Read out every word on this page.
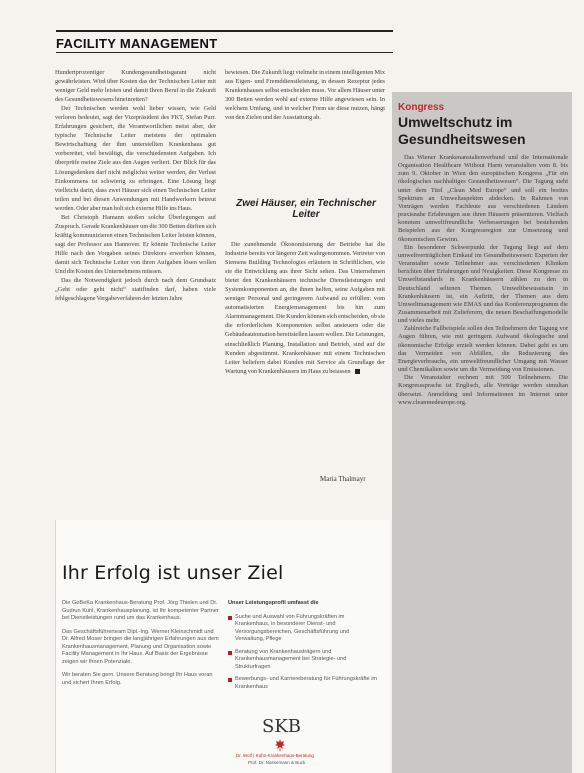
FACILITY MANAGEMENT

Hundertprozentiger Kundengesundheitsgarant nicht gewährleisten. Wird über Kosten das der Technischen Leiter mit weniger Geld mehr leisten und damit Ihren Beruf in die Zukunft des Gesundheitswesens hineinretten?

Der Technischen werden wohl lieber wissen, wie Geld verloren bedeutet, sagt der Vizepräsident des FKT, Stefan Purr. Erfahrungen gesichert, die Verantwortlichen meist aber, der typische Technische Leiter meistens der optimalen Bewirtschaftung der ihm unterstellten Krankenhaus gut vorbereitet, viel bewältigt, die verschiedensten Aufgaben. Ich überprüfe meine Ziele aus den Augen verliert. Der Blick für das Lösungsdenken darf nicht möglichst weiter werden, der Verlust Einkommens ist schwierig zu erbringen. Eine Lösung liegt vielleicht darin, dass zwei Häuser sich einen Technischen Leiter teilen und bei diesen Anwendungen mit Handwerkern betreut werden. Oder aber man holt sich externe Hilfe ins Haus.

Bei Christoph Hamann stoßen solche Überlegungen auf Zuspruch. Gerade Krankenhäuser um die 300 Betten dürften sich kräftig kommunizieren einen Technischen Leiter leisten können, sagt der Professor aus Hannover. Er könnte Technische Leiter Hilfe nach den Vorgaben seines Direktors erwerben können, damit sich Technische Leiter von ihren Aufgaben lösen wollen Und die Kosten des Unternehmens müssen.

Das die Notwendigkeit jedoch durch nach dem Grundsatz „Geht oder geht nicht“ stattfinden darf, haben viele fehlgeschlagene Vergabeverfahren der letzten Jahre

bewiesen. Die Zukunft liegt vielmehr in einem intelligenten Mix aus Eigen- und Fremddienstleistung, in dessen Rezeptur jedes Krankenhauses selbst entscheiden muss. Vor allem Häuser unter 300 Betten werden wohl auf externe Hilfe angewiesen sein. In welchem Umfang, und in welcher Form sie diese nutzen, hängt von den Zielen und der Ausstattung ab.

Zwei Häuser, ein Technischer Leiter

Die zunehmende Ökonomisierung der Betriebe hat die Industrie bereits vor längerer Zeit wahrgenommen. Vertreter von Siemens Building Technologies erläutern in Schriftlichen, wie sie die Entwicklung aus ihrer Sicht sehen. Das Unternehmen bietet den Krankenhäusern technische Dienstleistungen und Systemkomponenten an, die ihnen helfen, seine Aufgaben mit weniger Personal und geringerem Aufwand zu erfüllen: vom automatisierten Energiemanagement bis hin zum Alarmmanagement. Die Kunden können sich entscheiden, ob sie die erforderlichen Komponenten selbst ansteuern oder die Gebäudeautomation bereitstellen lassen wollen. Die Leistungen, einschließlich Planung, Installation und Betrieb, sind auf die Kunden abgestimmt. Krankenhäuser mit einem Technischen Leiter beliefern dabei Kunden mit Service als Grundlage der Wartung von Krankenhäusern im Haus zu beiassen

Maria Thalmayr
Kongress
Umweltschutz im Gesundheitswesen

Das Wiener Krankenanstaltenverbund und die Internationale Organisation Healthcare Without Harm veranstalten vom 8. bis zum 9. Oktober in Wien den europäischen Kongress „Für ein ökologisches nachhaltiges Gesundheitswesen“. Die Tagung steht unter dem Titel „Clean Med Europe“ und soll ein breites Spektrum an Umweltaspekten abdecken. In Rahmen von Vorträgen werden Fachleute aus verschiedenen Ländern praxisnahe Erfahrungen aus ihren Häusern präsentieren. Vielfach kommen umweltfreundliche Verbesserungen bei bestehenden Beispielen aus der Kongressregion zur Umsetzung und ökonomischen Gewinn.

Ein besonderer Schwerpunkt der Tagung liegt auf dem umweltverträglichen Einkauf im Gesundheitswesen: Experten der Veranstalter sowie Teilnehmer aus verschiedenen Kliniken berichten über Erfahrungen und Neuigkeiten. Diese Kongresse zu Umweltstandards in Krankenhäusern zählen zu den in Deutschland seltenen Themen. Umweltbewusstsein in Krankenhäusern ist, ein Auftritt, der Themen aus dem Umweltmanagement wie EMAS und das Konferenzprogramm die Zusammenarbeit mit Zulieferern, die neuen Beschaffungsmodelle und vieles mehr.

Zahlreiche Fallbeispiele sollen den Teilnehmern der Tagung vor Augen führen, wie mit geringem Aufwand ökologische und ökonomische Erfolge erzielt werden können. Dabei geht es um das Vermeiden von Abfällen, die Reduzierung des Energieverbrauchs, ein umweltfreundlicher Umgang mit Wasser und Chemikalien sowie um die Vermeidung von Emissionen.

Die Veranstalter rechnen mit 500 Teilnehmern. Die Kongresssprache ist Englisch, alle Vorträge werden simultan übersetzt. Anmeldung und Informationen im Internet unter www.cleanmedeurope.org.

Ihr Erfolg ist unser Ziel

Die GeBeKa Krankenhaus-Beratung Prof. Jörg Thielen und Dr. Gudrun Kuhl, Krankenhausplanung, ist Ihr kompetenter Partner bei Dienstleistungen rund um das Krankenhaus.

Das Geschäftsführerteam Dipl.-Ing. Werner Kleinschmidt und Dr. Alfred Moser bringen die langjährigen Erfahrungen aus dem Krankenhausmanagement, Planung und Organisation sowie Facility Management in Ihr Haus. Auf Basis der Ergebnisse zeigen wir Ihnen Potenziale.

Wir beraten Sie gern. Unsere Beratung bringt Ihr Haus voran und sichert Ihren Erfolg.

Unser Leistungsprofil umfasst die
Suche und Auswahl von Führungskräften im Krankenhaus, in besonderer Dienst- und Versorgungsbereichen, Geschäftsführung und Verwaltung, Pflege
Beratung von Krankenhausträgern und Krankenhausmanagement bei Strategie- und Strukturfragen
Bewerbungs- und Karriereberatung für Führungskräfte im Krankenhaus
SKB
Dr. Wolf | Kühn-Krankenhaus-Beratung
Prof. Dr. Nassemann & Buck
